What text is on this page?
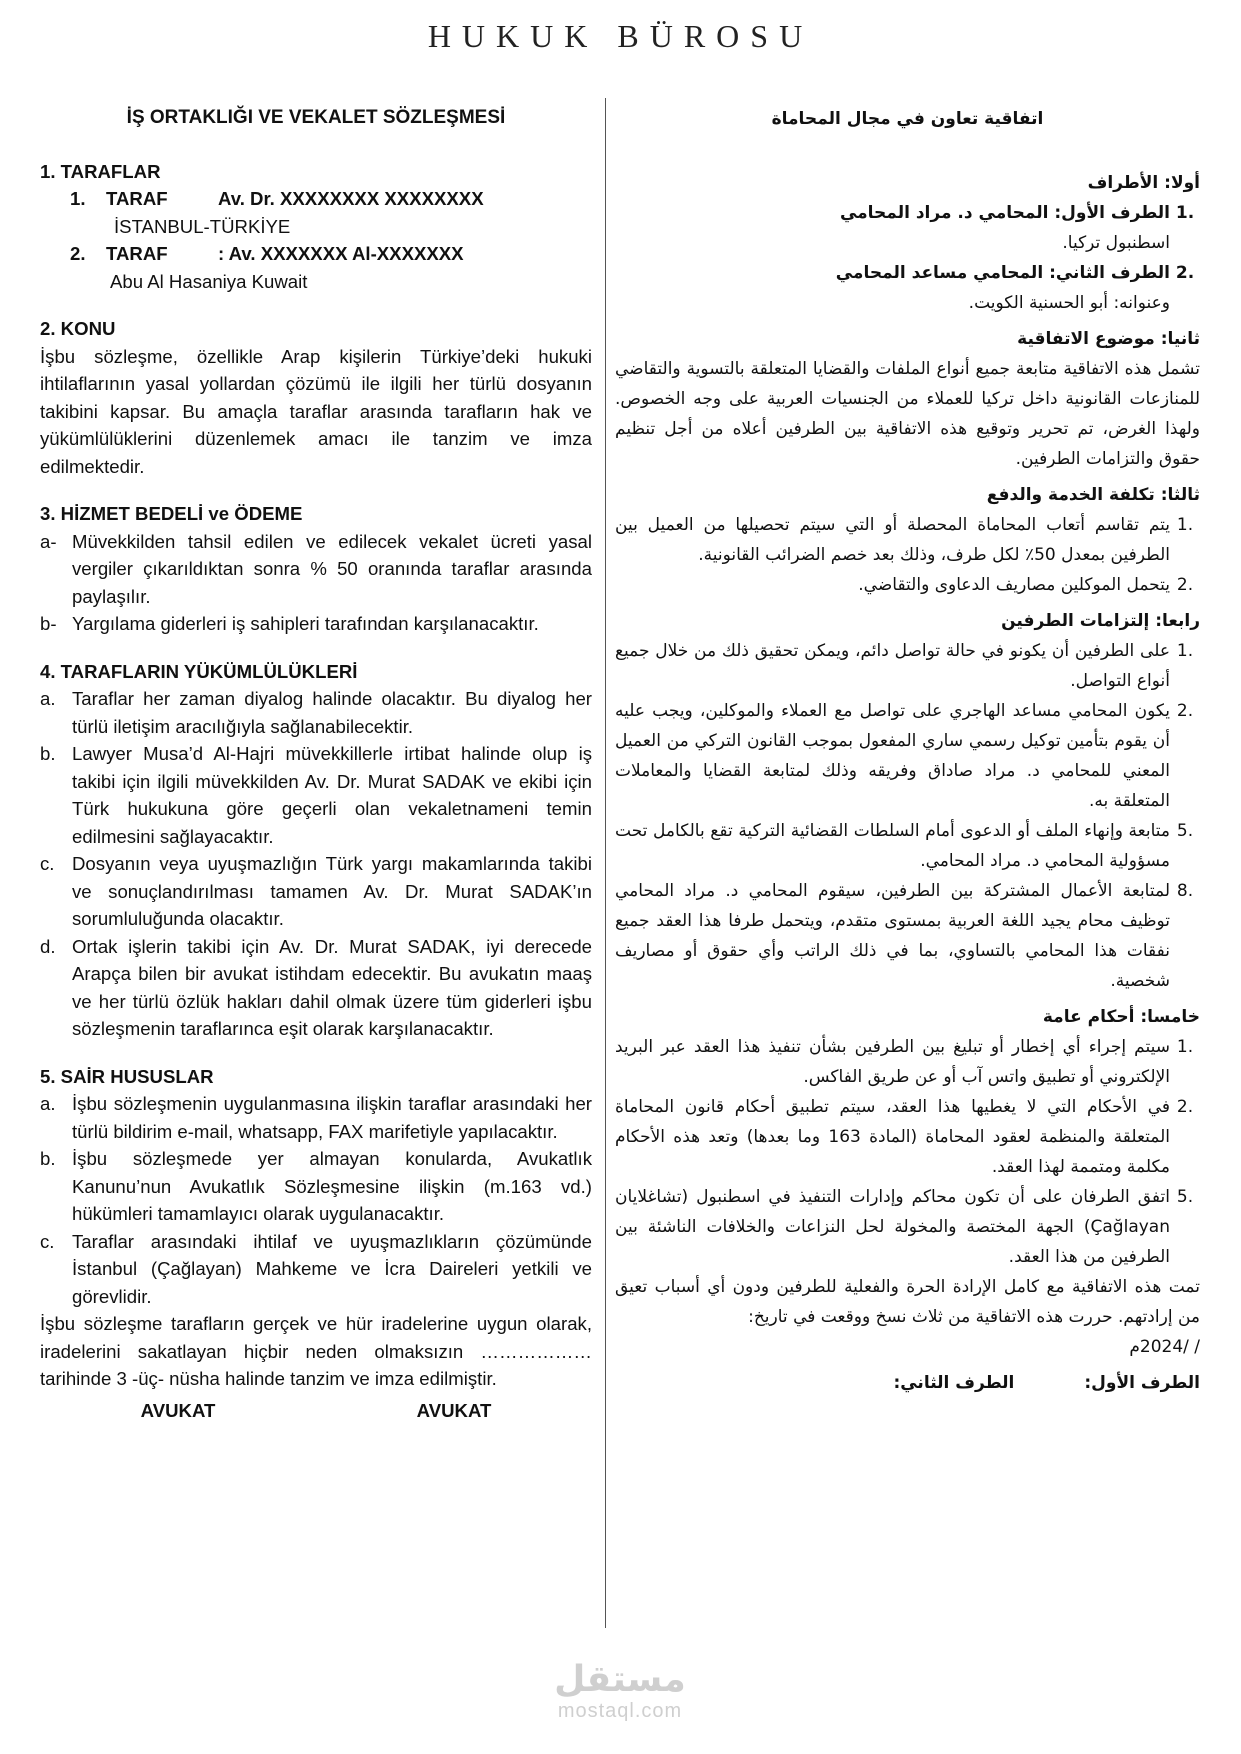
HUKUK BÜROSU
İŞ ORTAKLIĞI VE VEKALET SÖZLEŞMESİ
1. TARAFLAR
1.	TARAF	Av. Dr. XXXXXXXX XXXXXXXX
İSTANBUL-TÜRKİYE
2.	TARAF	: Av. XXXXXXX Al-XXXXXXX
Abu Al Hasaniya Kuwait
2. KONU

İşbu sözleşme, özellikle Arap kişilerin Türkiye’deki hukuki ihtilaflarının yasal yollardan çözümü ile ilgili her türlü dosyanın takibini kapsar. Bu amaçla taraflar arasında tarafların hak ve yükümlülüklerini düzenlemek amacı ile tanzim ve imza edilmektedir.

3. HİZMET BEDELİ ve ÖDEME
a- Müvekkilden tahsil edilen ve edilecek vekalet ücreti yasal vergiler çıkarıldıktan sonra % 50 oranında taraflar arasında paylaşılır.
b- Yargılama giderleri iş sahipleri tarafından karşılanacaktır.
4. TARAFLARIN YÜKÜMLÜLÜKLERİ
a. Taraflar her zaman diyalog halinde olacaktır. Bu diyalog her türlü iletişim aracılığıyla sağlanabilecektir.
b. Lawyer Musa’d Al-Hajri müvekkillerle irtibat halinde olup iş takibi için ilgili müvekkilden Av. Dr. Murat SADAK ve ekibi için Türk hukukuna göre geçerli olan vekaletnameni temin edilmesini sağlayacaktır.
c. Dosyanın veya uyuşmazlığın Türk yargı makamlarında takibi ve sonuçlandırılması tamamen Av. Dr. Murat SADAK’ın sorumluluğunda olacaktır.
d. Ortak işlerin takibi için Av. Dr. Murat SADAK, iyi derecede Arapça bilen bir avukat istihdam edecektir. Bu avukatın maaş ve her türlü özlük hakları dahil olmak üzere tüm giderleri işbu sözleşmenin taraflarınca eşit olarak karşılanacaktır.
5. SAİR HUSUSLAR
a. İşbu sözleşmenin uygulanmasına ilişkin taraflar arasındaki her türlü bildirim e-mail, whatsapp, FAX marifetiyle yapılacaktır.
b. İşbu sözleşmede yer almayan konularda, Avukatlık Kanunu’nun Avukatlık Sözleşmesine ilişkin (m.163 vd.) hükümleri tamamlayıcı olarak uygulanacaktır.
c. Taraflar arasındaki ihtilaf ve uyuşmazlıkların çözümünde İstanbul (Çağlayan) Mahkeme ve İcra Daireleri yetkili ve görevlidir.

İşbu sözleşme tarafların gerçek ve hür iradelerine uygun olarak, iradelerini sakatlayan hiçbir neden olmaksızın ……………… tarihinde 3 -üç- nüsha halinde tanzim ve imza edilmiştir.

AVUKAT	AVUKAT
اتفاقية تعاون في مجال المحاماة
أولا: الأطراف
.1
الطرف الأول: المحامي د. مراد المحامي
اسطنبول تركيا.
.2
الطرف الثاني: المحامي مساعد المحامي
وعنوانه: أبو الحسنية الكويت.
ثانيا: موضوع الاتفاقية

تشمل هذه الاتفاقية متابعة جميع أنواع الملفات والقضايا المتعلقة بالتسوية والتقاضي للمنازعات القانونية داخل تركيا للعملاء من الجنسيات العربية على وجه الخصوص. ولهذا الغرض، تم تحرير وتوقيع هذه الاتفاقية بين الطرفين أعلاه من أجل تنظيم حقوق والتزامات الطرفين.

ثالثا: تكلفة الخدمة والدفع
.1
يتم تقاسم أتعاب المحاماة المحصلة أو التي سيتم تحصيلها من العميل بين الطرفين بمعدل 50٪ لكل طرف، وذلك بعد خصم الضرائب القانونية.
.2
يتحمل الموكلين مصاريف الدعاوى والتقاضي.
رابعا: إلتزامات الطرفين
.1
على الطرفين أن يكونو في حالة تواصل دائم، ويمكن تحقيق ذلك من خلال جميع أنواع التواصل.
.2
يكون المحامي مساعد الهاجري على تواصل مع العملاء والموكلين، ويجب عليه أن يقوم بتأمين توكيل رسمي ساري المفعول بموجب القانون التركي من العميل المعني للمحامي د. مراد صاداق وفريقه وذلك لمتابعة القضايا والمعاملات المتعلقة به.
.5
متابعة وإنهاء الملف أو الدعوى أمام السلطات القضائية التركية تقع بالكامل تحت مسؤولية المحامي د. مراد المحامي.
.8
لمتابعة الأعمال المشتركة بين الطرفين، سيقوم المحامي د. مراد المحامي توظيف محام يجيد اللغة العربية بمستوى متقدم، ويتحمل طرفا هذا العقد جميع نفقات هذا المحامي بالتساوي، بما في ذلك الراتب وأي حقوق أو مصاريف شخصية.
خامسا: أحكام عامة
.1
سيتم إجراء أي إخطار أو تبليغ بين الطرفين بشأن تنفيذ هذا العقد عبر البريد الإلكتروني أو تطبيق واتس آب أو عن طريق الفاكس.
.2
في الأحكام التي لا يغطيها هذا العقد، سيتم تطبيق أحكام قانون المحاماة المتعلقة والمنظمة لعقود المحاماة (المادة 163 وما بعدها) وتعد هذه الأحكام مكلمة ومتممة لهذا العقد.
.5
اتفق الطرفان على أن تكون محاكم وإدارات التنفيذ في اسطنبول (تشاغلايان Çağlayan) الجهة المختصة والمخولة لحل النزاعات والخلافات الناشئة بين الطرفين من هذا العقد.

تمت هذه الاتفاقية مع كامل الإرادة الحرة والفعلية للطرفين ودون أي أسباب تعيق من إرادتهم. حررت هذه الاتفاقية من ثلاث نسخ ووقعت في تاريخ:

/ /2024م
الطرف الأول:
الطرف الثاني:
مستقل
mostaql.com
